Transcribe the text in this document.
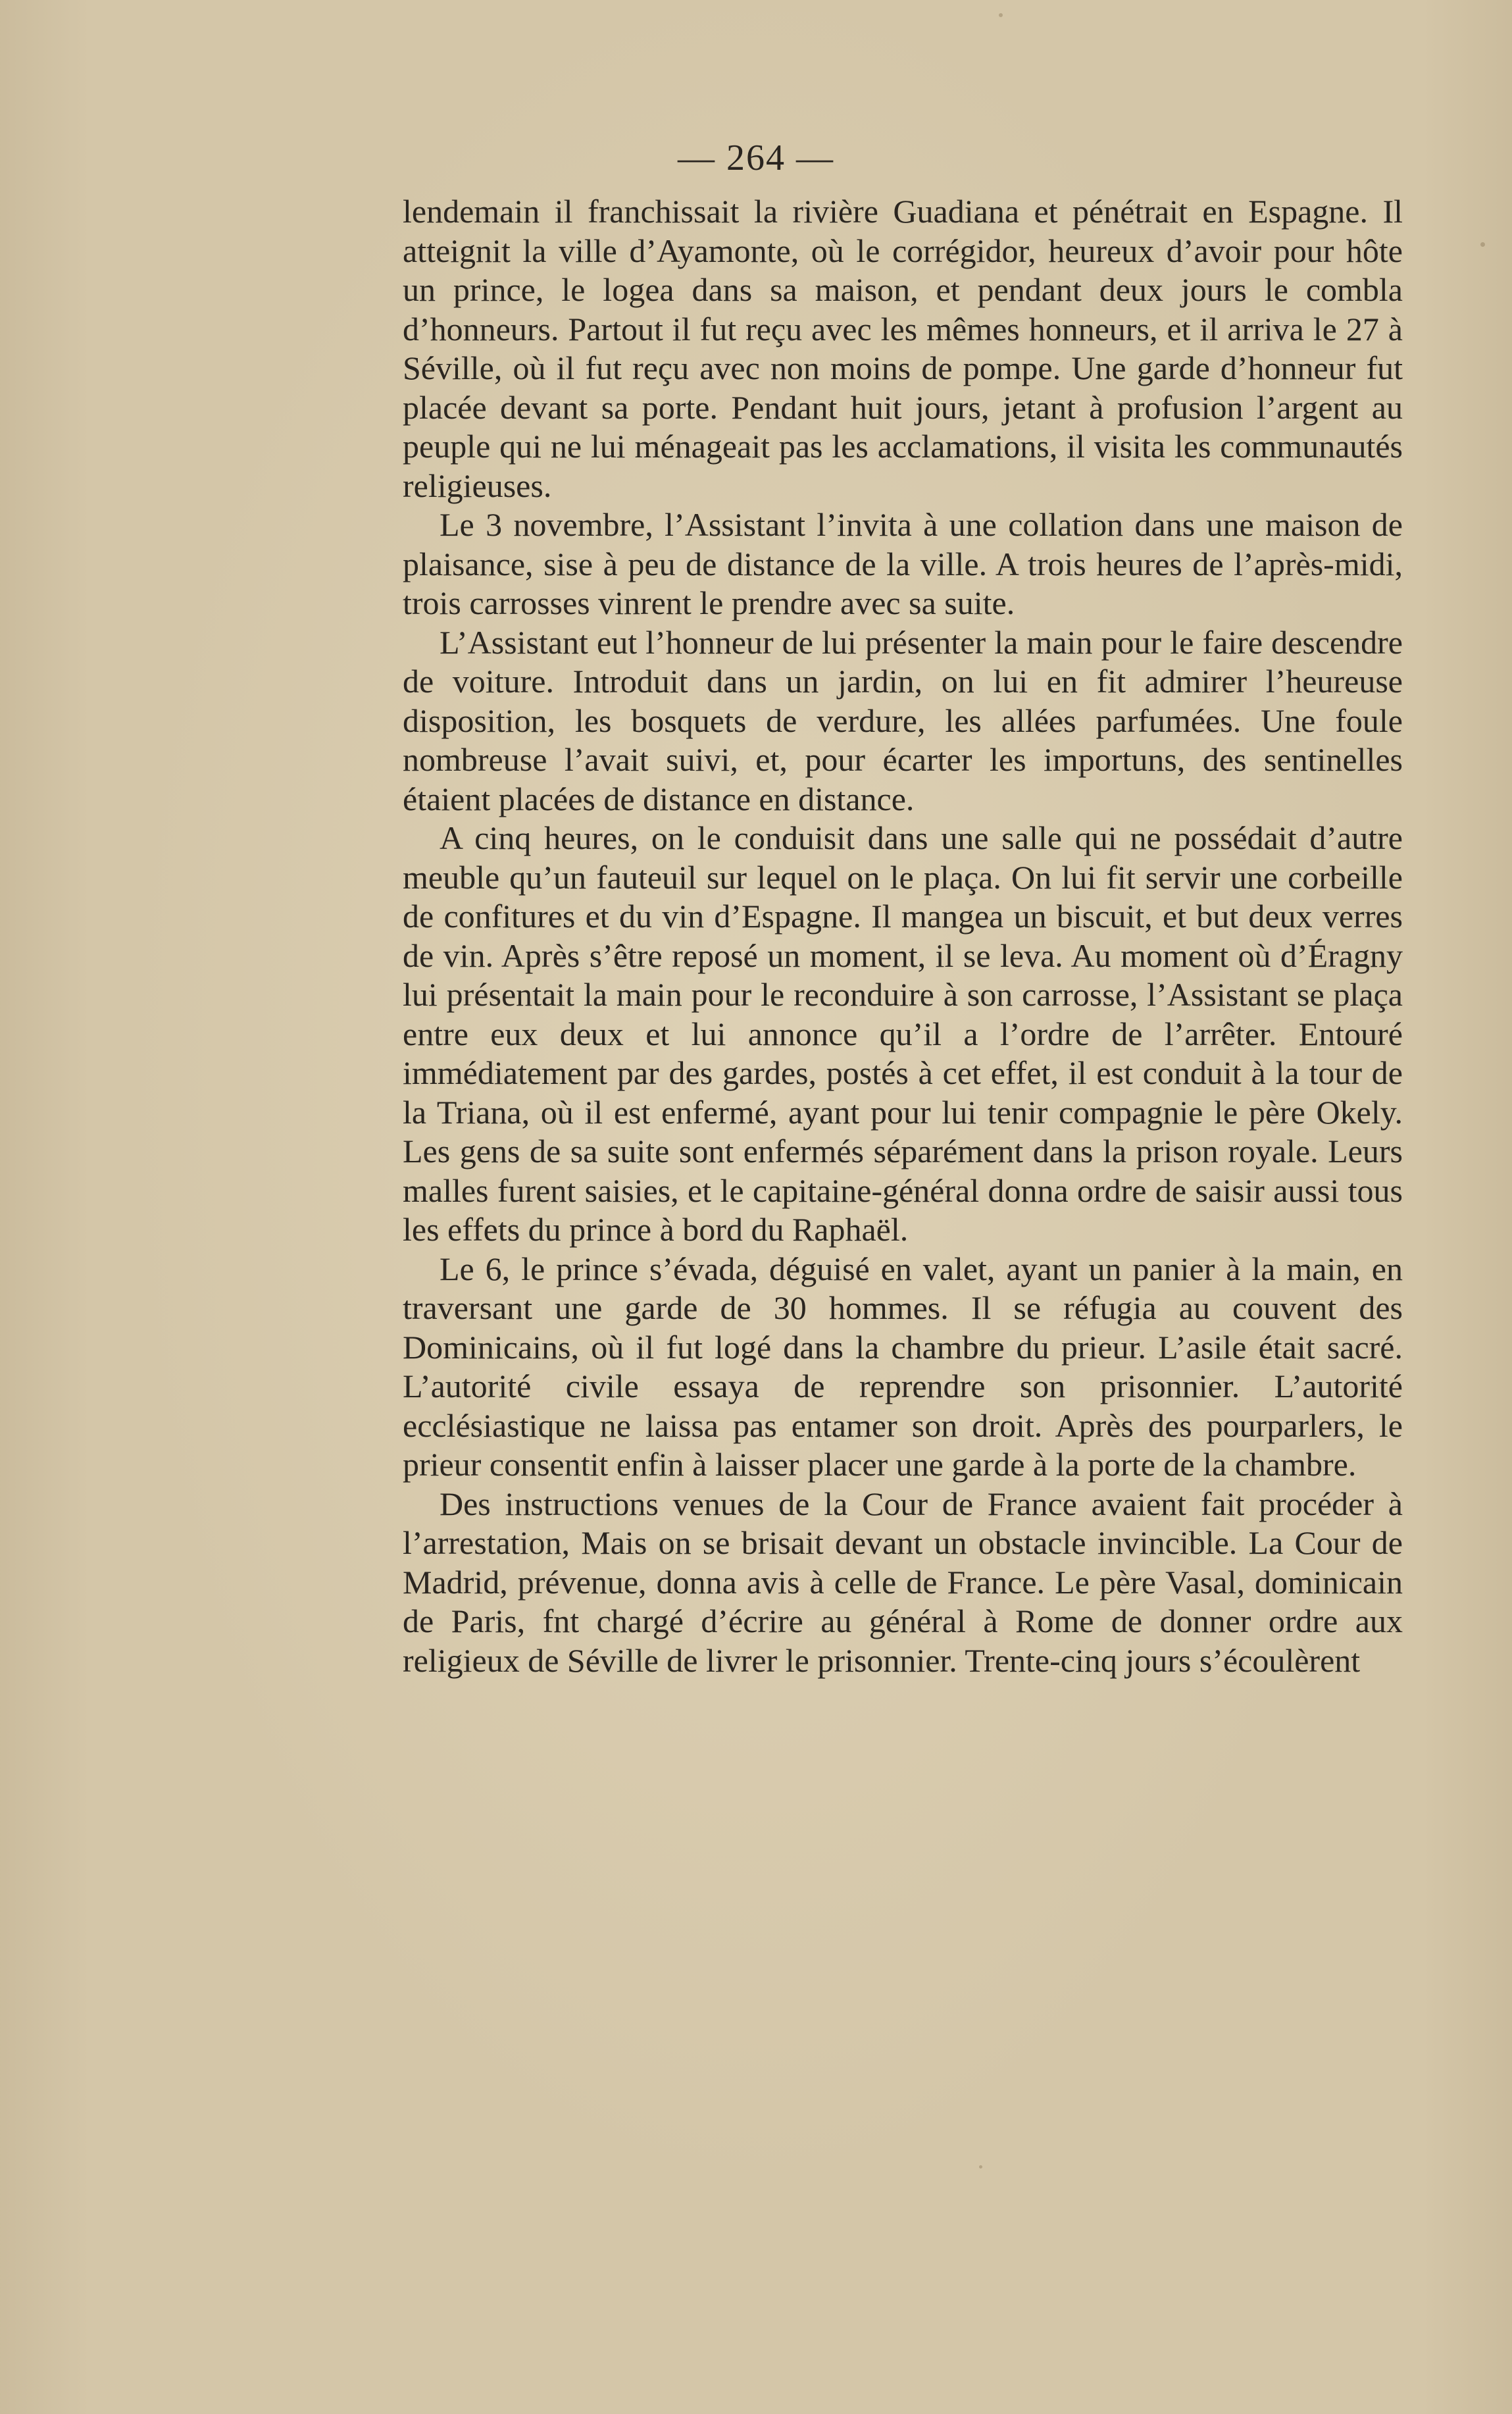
— 264 —

lendemain il franchissait la rivière Guadiana et pénétrait en Espagne. Il atteignit la ville d’Ayamonte, où le corrégidor, heureux d’avoir pour hôte un prince, le logea dans sa maison, et pendant deux jours le combla d’honneurs. Partout il fut reçu avec les mêmes honneurs, et il arriva le 27 à Séville, où il fut reçu avec non moins de pompe. Une garde d’honneur fut placée devant sa porte. Pendant huit jours, jetant à profusion l’argent au peuple qui ne lui ménageait pas les acclamations, il visita les communautés religieuses.

Le 3 novembre, l’Assistant l’invita à une collation dans une maison de plaisance, sise à peu de distance de la ville. A trois heures de l’après-midi, trois carrosses vinrent le prendre avec sa suite.

L’Assistant eut l’honneur de lui présenter la main pour le faire descendre de voiture. Introduit dans un jardin, on lui en fit admirer l’heureuse disposition, les bosquets de verdure, les allées parfumées. Une foule nombreuse l’avait suivi, et, pour écarter les importuns, des sentinelles étaient placées de distance en distance.

A cinq heures, on le conduisit dans une salle qui ne possédait d’autre meuble qu’un fauteuil sur lequel on le plaça. On lui fit servir une corbeille de confitures et du vin d’Espagne. Il mangea un biscuit, et but deux verres de vin. Après s’être reposé un moment, il se leva. Au moment où d’Éragny lui présentait la main pour le reconduire à son carrosse, l’Assistant se plaça entre eux deux et lui annonce qu’il a l’ordre de l’arrêter. Entouré immédiatement par des gardes, postés à cet effet, il est conduit à la tour de la Triana, où il est enfermé, ayant pour lui tenir compagnie le père Okely. Les gens de sa suite sont enfermés séparément dans la prison royale. Leurs malles furent saisies, et le capitaine-général donna ordre de saisir aussi tous les effets du prince à bord du Raphaël.

Le 6, le prince s’évada, déguisé en valet, ayant un panier à la main, en traversant une garde de 30 hommes. Il se réfugia au couvent des Dominicains, où il fut logé dans la chambre du prieur. L’asile était sacré. L’autorité civile essaya de reprendre son prisonnier. L’autorité ecclésiastique ne laissa pas entamer son droit. Après des pourparlers, le prieur consentit enfin à laisser placer une garde à la porte de la chambre.

Des instructions venues de la Cour de France avaient fait procéder à l’arrestation, Mais on se brisait devant un obstacle invincible. La Cour de Madrid, prévenue, donna avis à celle de France. Le père Vasal, dominicain de Paris, fnt chargé d’écrire au général à Rome de donner ordre aux religieux de Séville de livrer le prisonnier. Trente-cinq jours s’écoulèrent
